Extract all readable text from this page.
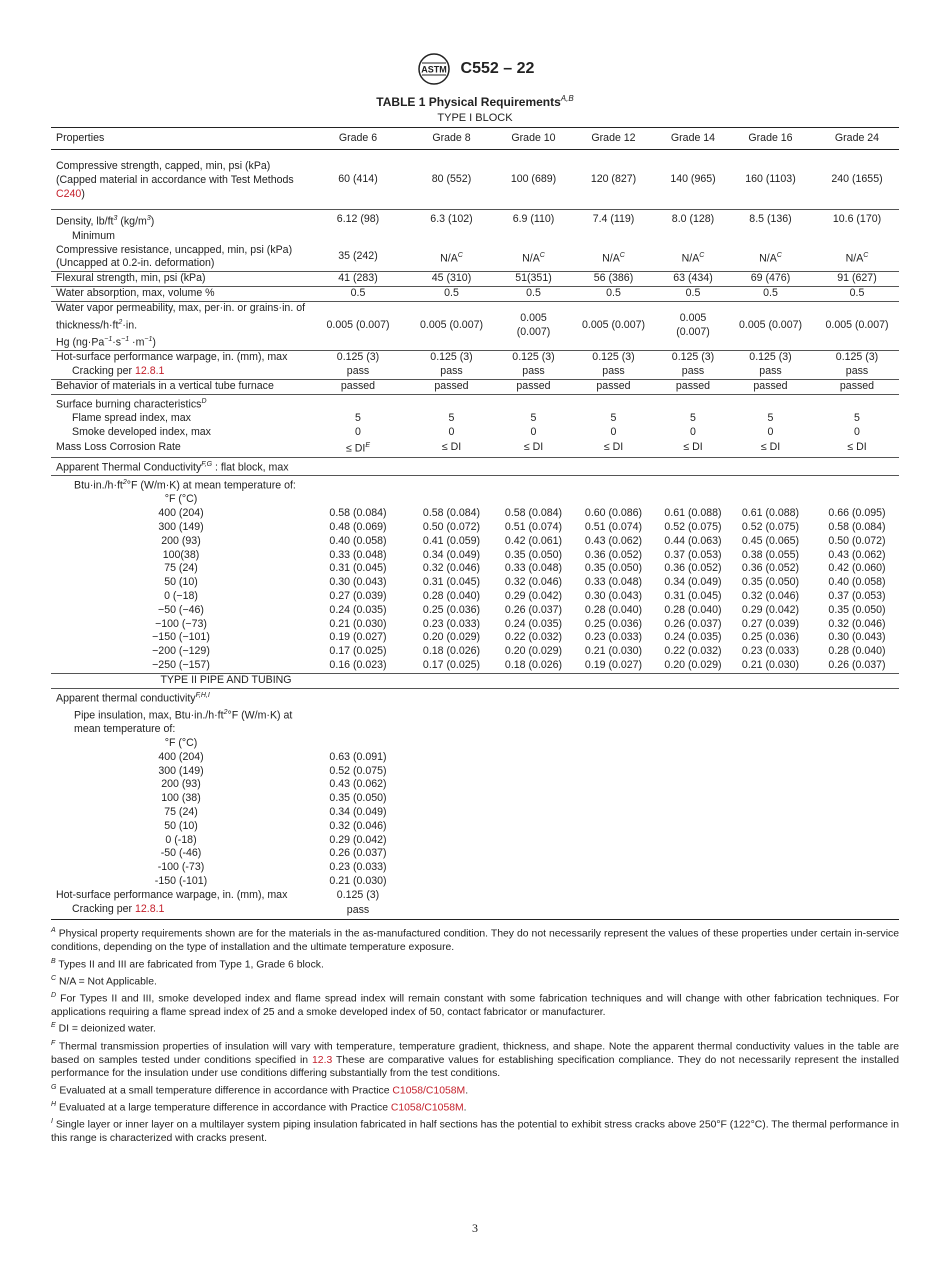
ASTM C552 – 22
TABLE 1 Physical Requirements$^{A,B}$
TYPE I BLOCK
Properties	Grade 6	Grade 8	Grade 10	Grade 12	Grade 14	Grade 16	Grade 24
Compressive strength, capped, min, psi (kPa) (Capped material in accordance with Test Methods C240)	60 (414)	80 (552)	100 (689)	120 (827)	140 (965)	160 (1103)	240 (1655)
Density, $lb/ft^3$ $(kg/m^3)$	6.12 (98)	6.3 (102)	6.9 (110)	7.4 (119)	8.0 (128)	8.5 (136)	10.6 (170)
Minimum							
Compressive resistance, uncapped, min, psi (kPa) (Uncapped at 0.2-in. deformation)	35 (242)	$N/A^C$	$N/A^C$	$N/A^C$	$N/A^C$	$N/A^C$	$N/A^C$
Flexural strength, min, psi (kPa)	41 (283)	45 (310)	51(351)	56 (386)	63 (434)	69 (476)	91 (627)
Water absorption, max, volume %	0.5	0.5	0.5	0.5	0.5	0.5	0.5
Water vapor permeability, max, per·in. or grains·in. of thickness/$h\cdot ft^2\cdot in$.
Hg $(ng\cdot Pa^{-1}\cdot s^{-1} \cdot m^{-1})$	0.005 (0.007)	0.005 (0.007)	0.005 (0.007)	0.005 (0.007)	0.005 (0.007)	0.005 (0.007)	0.005 (0.007)
Hot-surface performance warpage, in. (mm), max	0.125 (3)	0.125 (3)	0.125 (3)	0.125 (3)	0.125 (3)	0.125 (3)	0.125 (3)
Cracking per 12.8.1	pass	pass	pass	pass	pass	pass	pass
Behavior of materials in a vertical tube furnace	passed	passed	passed	passed	passed	passed	passed
Surface burning characteristics$^D$							
Flame spread index, max	5	5	5	5	5	5	5
Smoke developed index, max	0	0	0	0	0	0	0
Mass Loss Corrosion Rate	≤ $DI^E$	≤ DI	≤ DI	≤ DI	≤ DI	≤ DI	≤ DI
Apparent Thermal Conductivity$^{F,G}$ : flat block, max							
$Btu\cdot in./h\cdot ft^2^\circ F$ (W/m·K) at mean temperature of:							
°F (°C)							
400 (204)	0.58 (0.084)	0.58 (0.084)	0.58 (0.084)	0.60 (0.086)	0.61 (0.088)	0.61 (0.088)	0.66 (0.095)
300 (149)	0.48 (0.069)	0.50 (0.072)	0.51 (0.074)	0.51 (0.074)	0.52 (0.075)	0.52 (0.075)	0.58 (0.084)
200 (93)	0.40 (0.058)	0.41 (0.059)	0.42 (0.061)	0.43 (0.062)	0.44 (0.063)	0.45 (0.065)	0.50 (0.072)
100(38)	0.33 (0.048)	0.34 (0.049)	0.35 (0.050)	0.36 (0.052)	0.37 (0.053)	0.38 (0.055)	0.43 (0.062)
75 (24)	0.31 (0.045)	0.32 (0.046)	0.33 (0.048)	0.35 (0.050)	0.36 (0.052)	0.36 (0.052)	0.42 (0.060)
50 (10)	0.30 (0.043)	0.31 (0.045)	0.32 (0.046)	0.33 (0.048)	0.34 (0.049)	0.35 (0.050)	0.40 (0.058)
0 (−18)	0.27 (0.039)	0.28 (0.040)	0.29 (0.042)	0.30 (0.043)	0.31 (0.045)	0.32 (0.046)	0.37 (0.053)
−50 (−46)	0.24 (0.035)	0.25 (0.036)	0.26 (0.037)	0.28 (0.040)	0.28 (0.040)	0.29 (0.042)	0.35 (0.050)
−100 (−73)	0.21 (0.030)	0.23 (0.033)	0.24 (0.035)	0.25 (0.036)	0.26 (0.037)	0.27 (0.039)	0.32 (0.046)
−150 (−101)	0.19 (0.027)	0.20 (0.029)	0.22 (0.032)	0.23 (0.033)	0.24 (0.035)	0.25 (0.036)	0.30 (0.043)
−200 (−129)	0.17 (0.025)	0.18 (0.026)	0.20 (0.029)	0.21 (0.030)	0.22 (0.032)	0.23 (0.033)	0.28 (0.040)
−250 (−157)	0.16 (0.023)	0.17 (0.025)	0.18 (0.026)	0.19 (0.027)	0.20 (0.029)	0.21 (0.030)	0.26 (0.037)
TYPE II PIPE AND TUBING							
Apparent thermal conductivity$^{F,H,I}$							
Pipe insulation, max, $Btu\cdot in./h\cdot ft^2^\circ F$ (W/m·K) at mean temperature of:							
°F (°C)							
400 (204)	0.63 (0.091)						
300 (149)	0.52 (0.075)						
200 (93)	0.43 (0.062)						
100 (38)	0.35 (0.050)						
75 (24)	0.34 (0.049)						
50 (10)	0.32 (0.046)						
0 (-18)	0.29 (0.042)						
-50 (-46)	0.26 (0.037)						
-100 (-73)	0.23 (0.033)						
-150 (-101)	0.21 (0.030)						
Hot-surface performance warpage, in. (mm), max	0.125 (3)						
Cracking per 12.8.1	pass						

$^A$ Physical property requirements shown are for the materials in the as-manufactured condition. They do not necessarily represent the values of these properties under certain in-service conditions, depending on the type of installation and the ultimate temperature exposure.

$^B$ Types II and III are fabricated from Type 1, Grade 6 block.

$^C$ N/A = Not Applicable.

$^D$ For Types II and III, smoke developed index and flame spread index will remain constant with some fabrication techniques and will change with other fabrication techniques. For applications requiring a flame spread index of 25 and a smoke developed index of 50, contact fabricator or manufacturer.

$^E$ DI = deionized water.

$^F$ Thermal transmission properties of insulation will vary with temperature, temperature gradient, thickness, and shape. Note the apparent thermal conductivity values in the table are based on samples tested under conditions specified in 12.3 These are comparative values for establishing specification compliance. They do not necessarily represent the installed performance for the insulation under use conditions differing substantially from the test conditions.

$^G$ Evaluated at a small temperature difference in accordance with Practice C1058/C1058M.

$^H$ Evaluated at a large temperature difference in accordance with Practice C1058/C1058M.

$^I$ Single layer or inner layer on a multilayer system piping insulation fabricated in half sections has the potential to exhibit stress cracks above 250°F (122°C). The thermal performance in this range is characterized with cracks present.

3
